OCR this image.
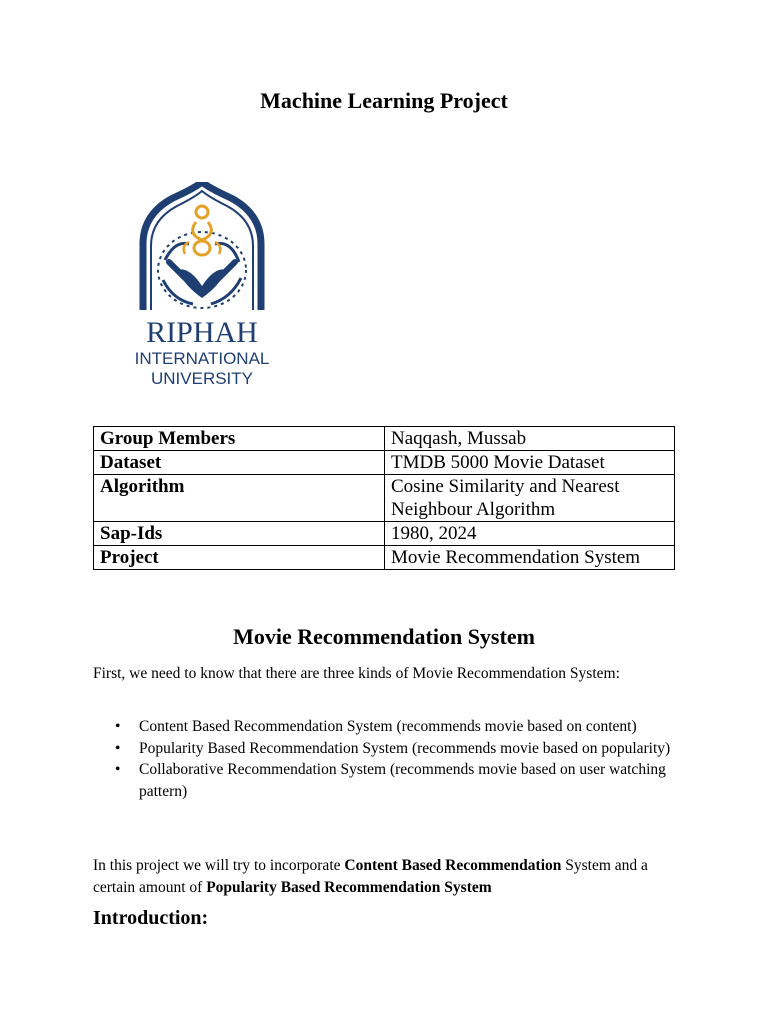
Machine Learning Project
RIPHAH
INTERNATIONAL
UNIVERSITY
Group Members	Naqqash, Mussab
Dataset	TMDB 5000 Movie Dataset
Algorithm	Cosine Similarity and Nearest Neighbour Algorithm
Sap-Ids	1980, 2024
Project	Movie Recommendation System
Movie Recommendation System

First, we need to know that there are three kinds of Movie Recommendation System:

• Content Based Recommendation System (recommends movie based on content)
• Popularity Based Recommendation System (recommends movie based on popularity)
• Collaborative Recommendation System (recommends movie based on user watching pattern)

In this project we will try to incorporate Content Based Recommendation System and a certain amount of Popularity Based Recommendation System

Introduction:
